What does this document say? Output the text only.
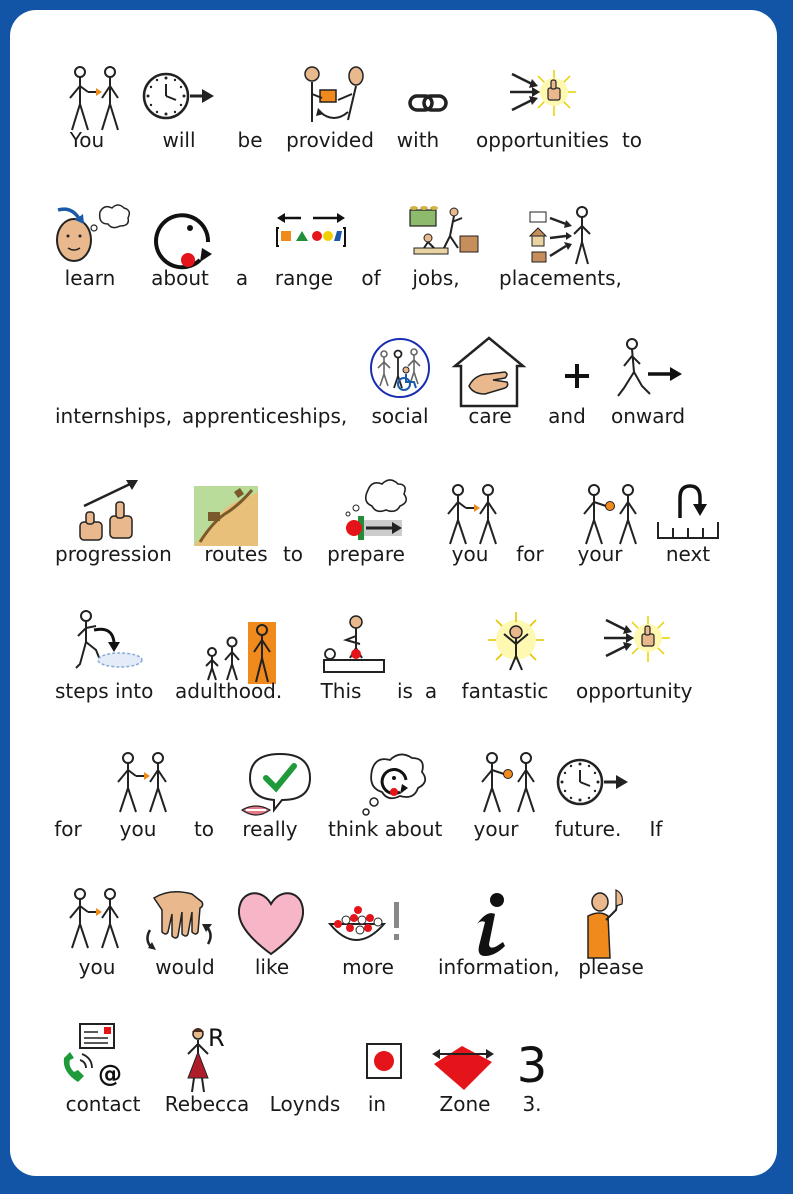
You	will	be	provided	with	opportunities to
learn	about	a	range	of	jobs,	placements,
internships, apprenticeships,	social	care	and	onward
progression	routes to	prepare	you	for	your	next
steps into adulthood.	This	is a	fantastic	opportunity
for	you	to	really	think about	your	future.	If
you	would	like	more	information, please
@
R	3
contact	Rebecca	Loynds	in	Zone	3.
